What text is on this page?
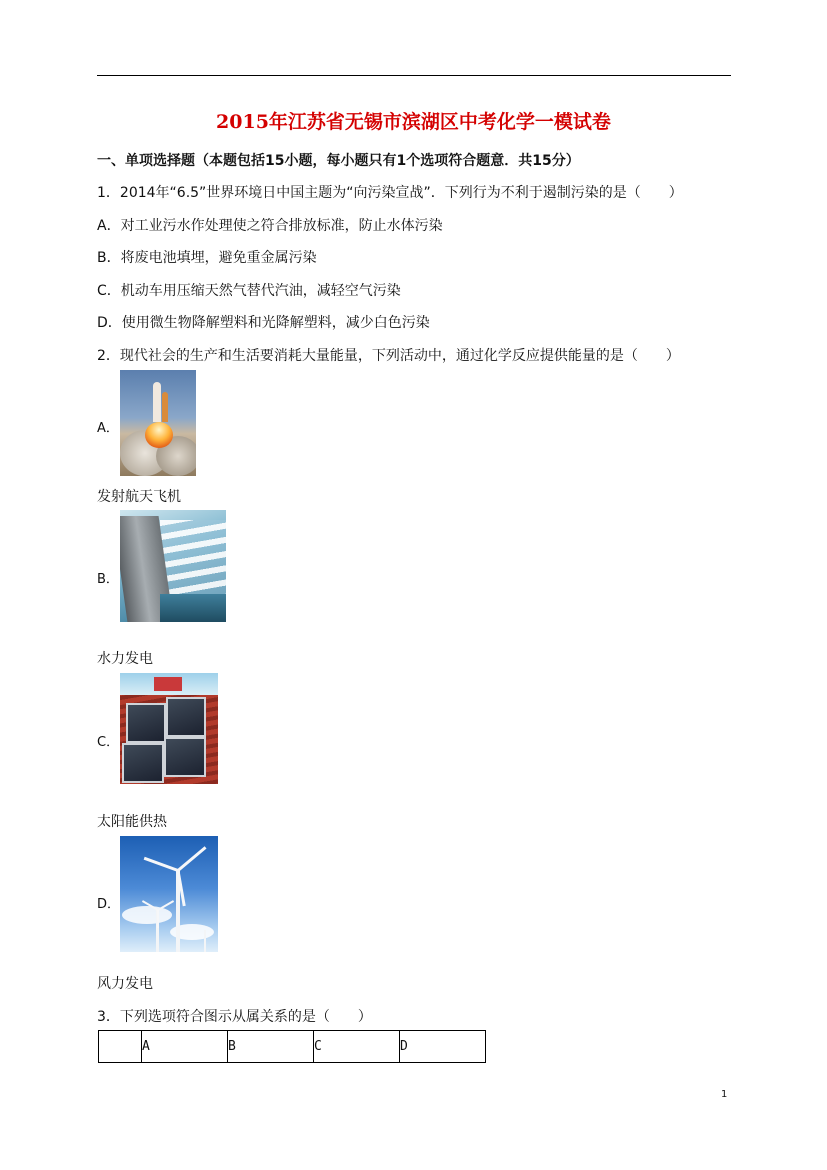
2015年江苏省无锡市滨湖区中考化学一模试卷
一、单项选择题（本题包括15小题，每小题只有1个选项符合题意．共15分）
1．2014年“6.5”世界环境日中国主题为“向污染宣战”．下列行为不利于遏制污染的是（　　）
A．对工业污水作处理使之符合排放标准，防止水体污染
B．将废电池填埋，避免重金属污染
C．机动车用压缩天然气替代汽油，减轻空气污染
D．使用微生物降解塑料和光降解塑料，减少白色污染
2．现代社会的生产和生活要消耗大量能量，下列活动中，通过化学反应提供能量的是（　　）
A．
发射航天飞机
B．
水力发电
C．
太阳能供热
D．
风力发电
3．下列选项符合图示从属关系的是（　　）
	A	B	C	D
1
